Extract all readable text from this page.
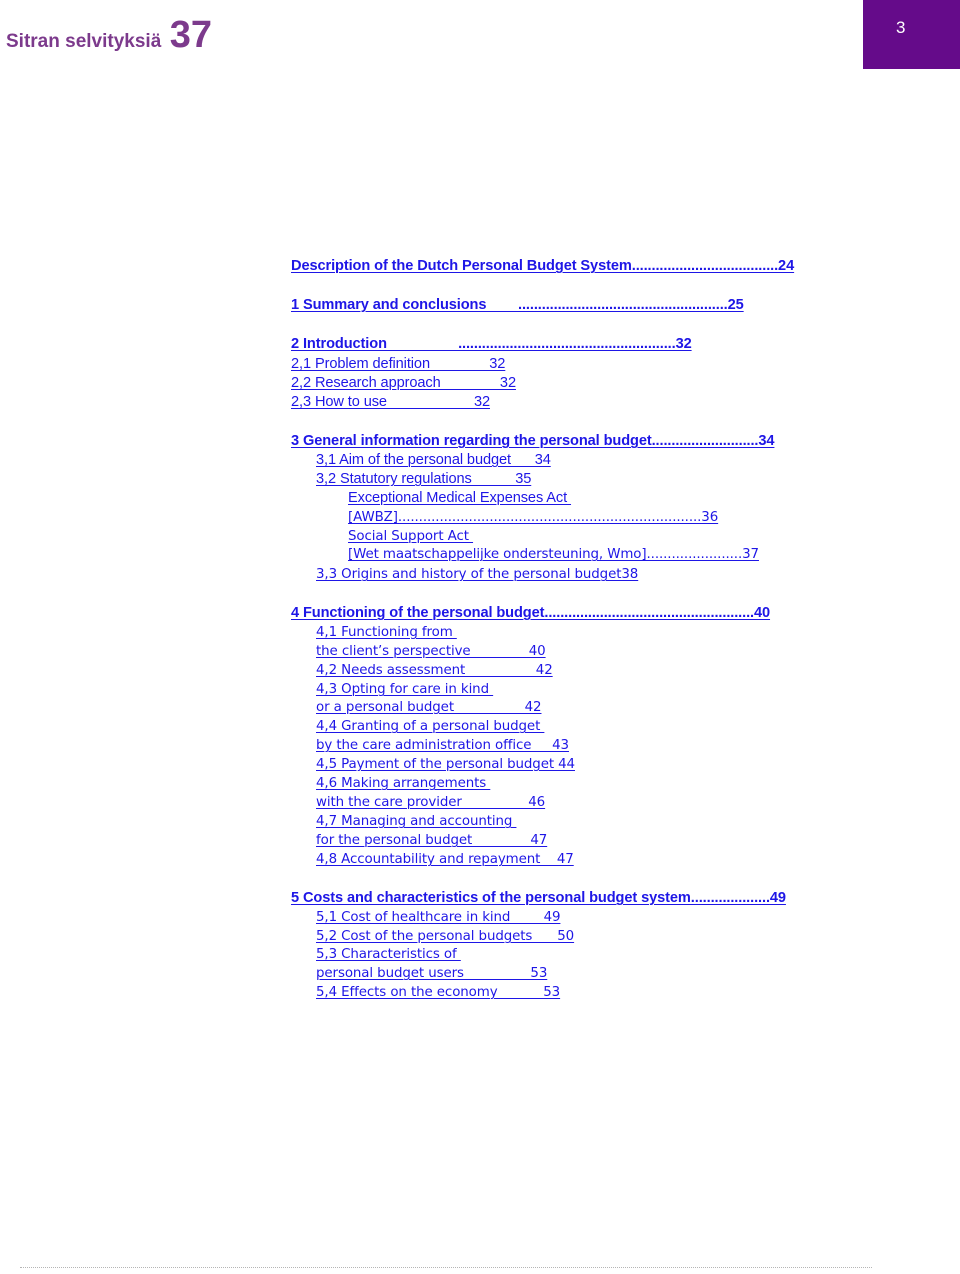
Sitran selvityksiä 37	3
Description of the Dutch Personal Budget System.....................................24
1 Summary and conclusions        .....................................................25
2 Introduction                  .......................................................32
2,1 Problem definition               32
2,2 Research approach               32
2,3 How to use                      32
3 General information regarding the personal budget...........................34
3,1 Aim of the personal budget      34
3,2 Statutory regulations           35
Exceptional Medical Expenses Act
[AWBZ].........................................................................36
Social Support Act
[Wet maatschappelijke ondersteuning, Wmo].......................37
3,3 Origins and history of the personal budget38
4 Functioning of the personal budget.....................................................40
4,1 Functioning from
the client’s perspective              40
4,2 Needs assessment                 42
4,3 Opting for care in kind
or a personal budget                 42
4,4 Granting of a personal budget
by the care administration office     43
4,5 Payment of the personal budget 44
4,6 Making arrangements
with the care provider                46
4,7 Managing and accounting
for the personal budget              47
4,8 Accountability and repayment    47
5 Costs and characteristics of the personal budget system....................49
5,1 Cost of healthcare in kind        49
5,2 Cost of the personal budgets      50
5,3 Characteristics of
personal budget users                53
5,4 Effects on the economy           53
